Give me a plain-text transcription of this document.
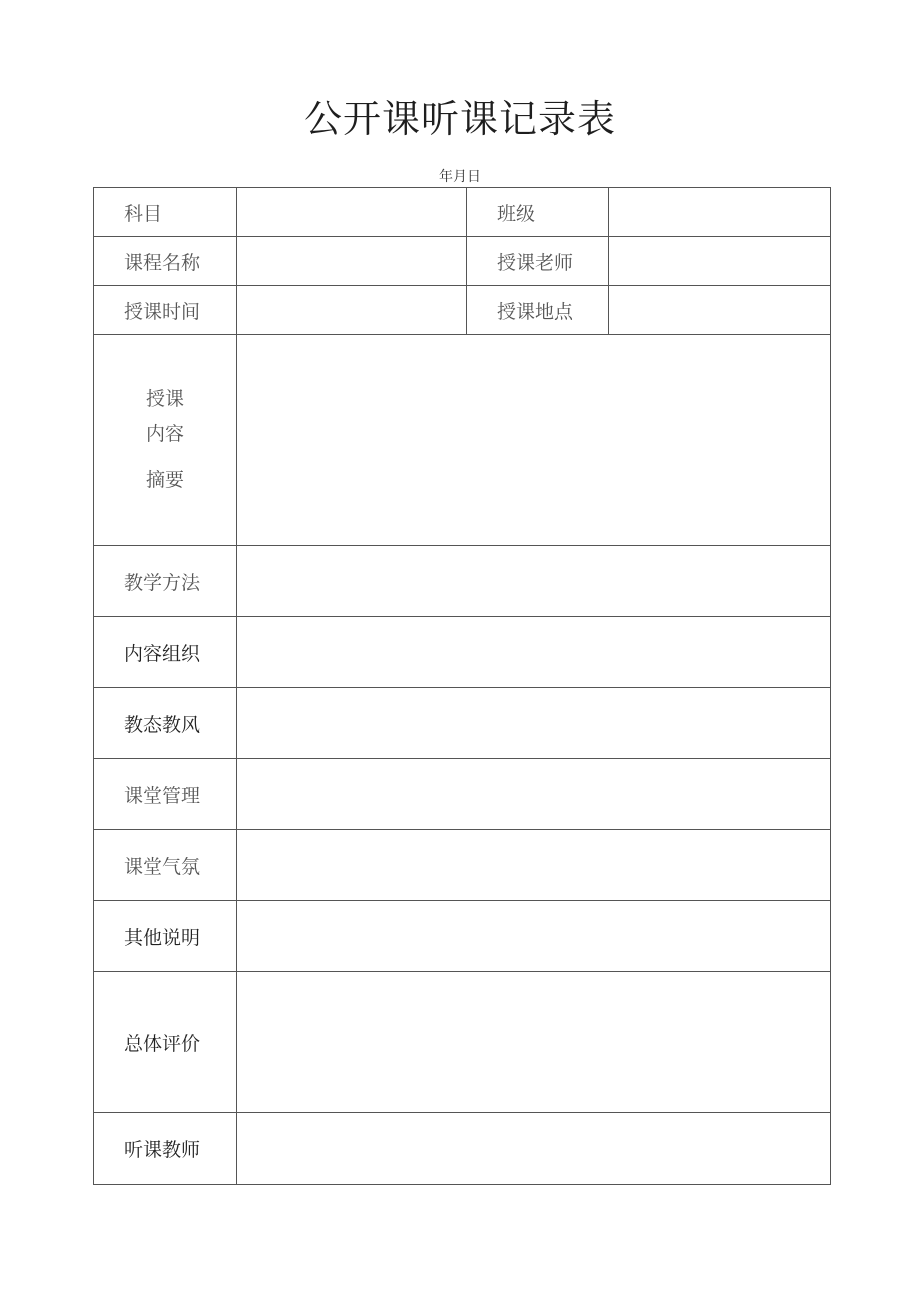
公开课听课记录表
年月日
科目		班级	
课程名称		授课老师	
授课时间		授课地点	

授课
内容
摘要			

教学方法			
内容组织			
教态教风			
课堂管理			
课堂气氛			
其他说明			
总体评价			
听课教师			
